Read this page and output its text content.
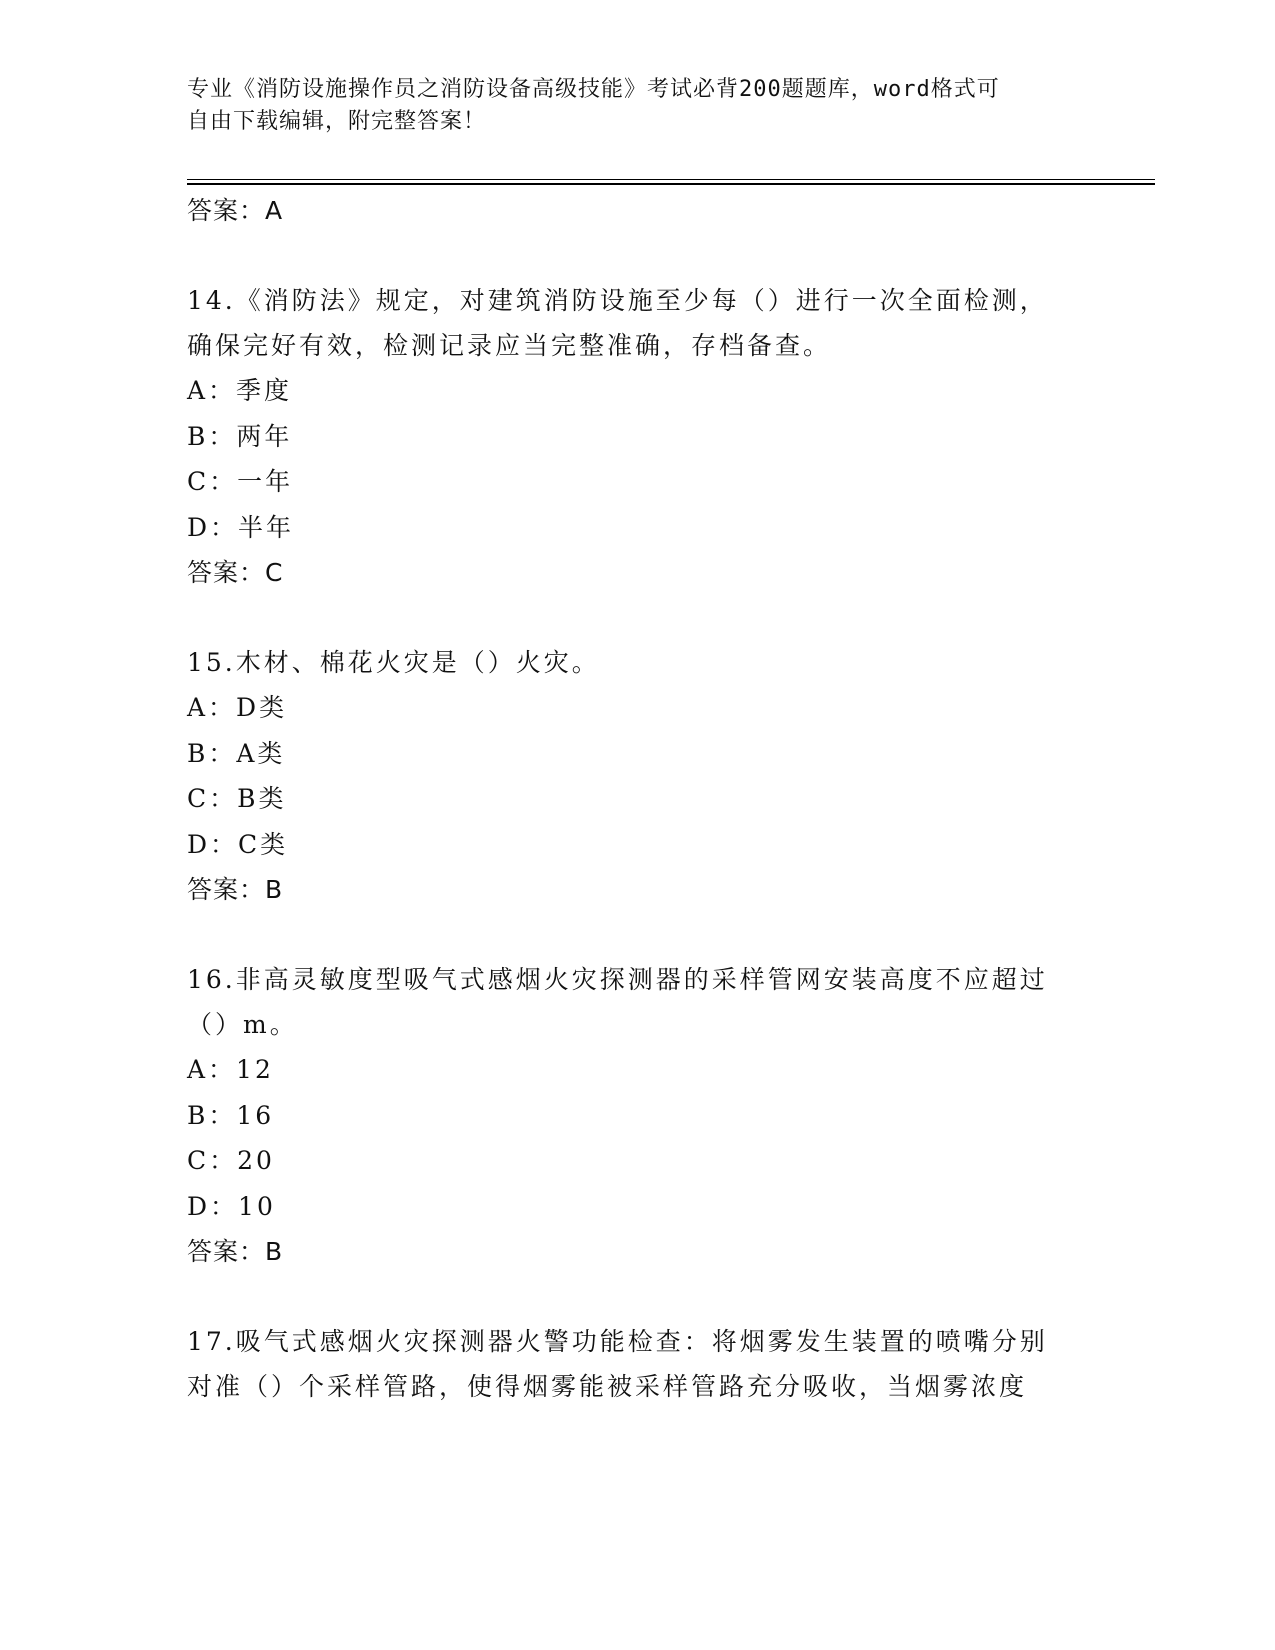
专业《消防设施操作员之消防设备高级技能》考试必背200题题库，word格式可
自由下载编辑，附完整答案！

答案：A

14.《消防法》规定，对建筑消防设施至少每（）进行一次全面检测，

确保完好有效，检测记录应当完整准确，存档备查。

A：季度

B：两年

C：一年

D：半年

答案：C

15.木材、棉花火灾是（）火灾。

A：D类

B：A类

C：B类

D：C类

答案：B

16.非高灵敏度型吸气式感烟火灾探测器的采样管网安装高度不应超过

（）m。

A：12

B：16

C：20

D：10

答案：B

17.吸气式感烟火灾探测器火警功能检查：将烟雾发生装置的喷嘴分别

对准（）个采样管路，使得烟雾能被采样管路充分吸收，当烟雾浓度
